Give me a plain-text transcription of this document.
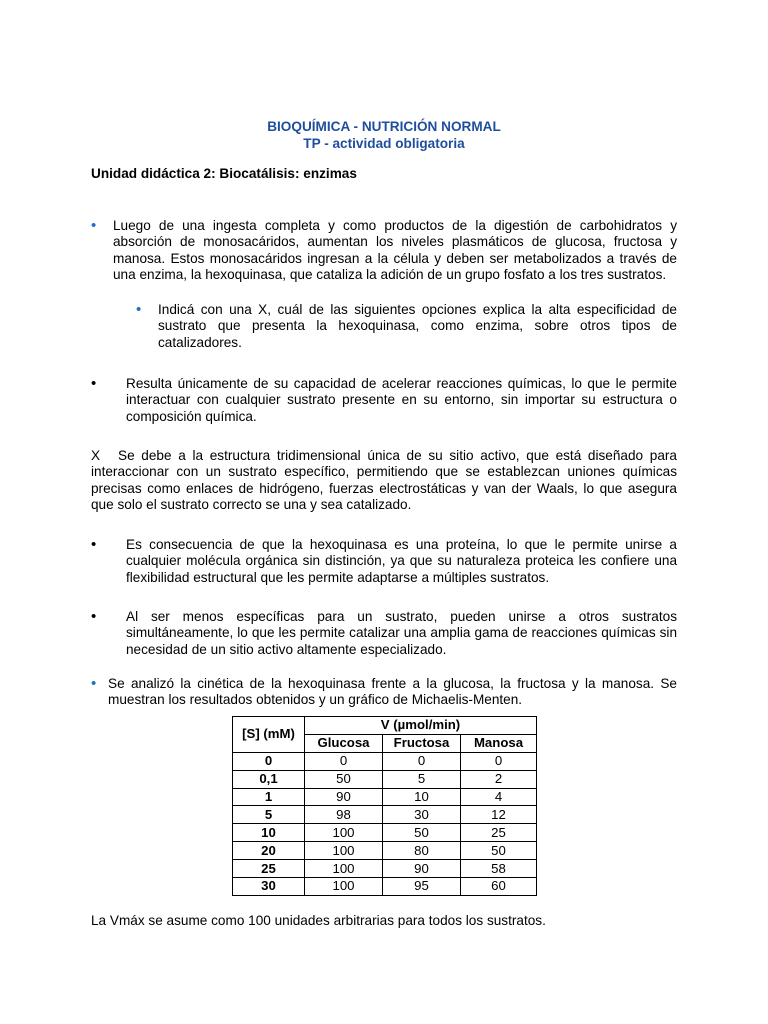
BIOQUÍMICA - NUTRICIÓN NORMAL
TP - actividad obligatoria
Unidad didáctica 2: Biocatálisis: enzimas
• Luego de una ingesta completa y como productos de la digestión de carbohidratos y absorción de monosacáridos, aumentan los niveles plasmáticos de glucosa, fructosa y manosa. Estos monosacáridos ingresan a la célula y deben ser metabolizados a través de una enzima, la hexoquinasa, que cataliza la adición de un grupo fosfato a los tres sustratos.
• Indicá con una X, cuál de las siguientes opciones explica la alta especificidad de sustrato que presenta la hexoquinasa, como enzima, sobre otros tipos de catalizadores.
• Resulta únicamente de su capacidad de acelerar reacciones químicas, lo que le permite interactuar con cualquier sustrato presente en su entorno, sin importar su estructura o composición química.
X	Se debe a la estructura tridimensional única de su sitio activo, que está diseñado para interaccionar con un sustrato específico, permitiendo que se establezcan uniones químicas precisas como enlaces de hidrógeno, fuerzas electrostáticas y van der Waals, lo que asegura que solo el sustrato correcto se una y sea catalizado.
• Es consecuencia de que la hexoquinasa es una proteína, lo que le permite unirse a cualquier molécula orgánica sin distinción, ya que su naturaleza proteica les confiere una flexibilidad estructural que les permite adaptarse a múltiples sustratos.
• Al ser menos específicas para un sustrato, pueden unirse a otros sustratos simultáneamente, lo que les permite catalizar una amplia gama de reacciones químicas sin necesidad de un sitio activo altamente especializado.
• Se analizó la cinética de la hexoquinasa frente a la glucosa, la fructosa y la manosa. Se muestran los resultados obtenidos y un gráfico de Michaelis-Menten.
[S] (mM)	V (µmol/min)		
	Glucosa	Fructosa	Manosa
0	0	0	0
0,1	50	5	2
1	90	10	4
5	98	30	12
10	100	50	25
20	100	80	50
25	100	90	58
30	100	95	60
La Vmáx se asume como 100 unidades arbitrarias para todos los sustratos.
